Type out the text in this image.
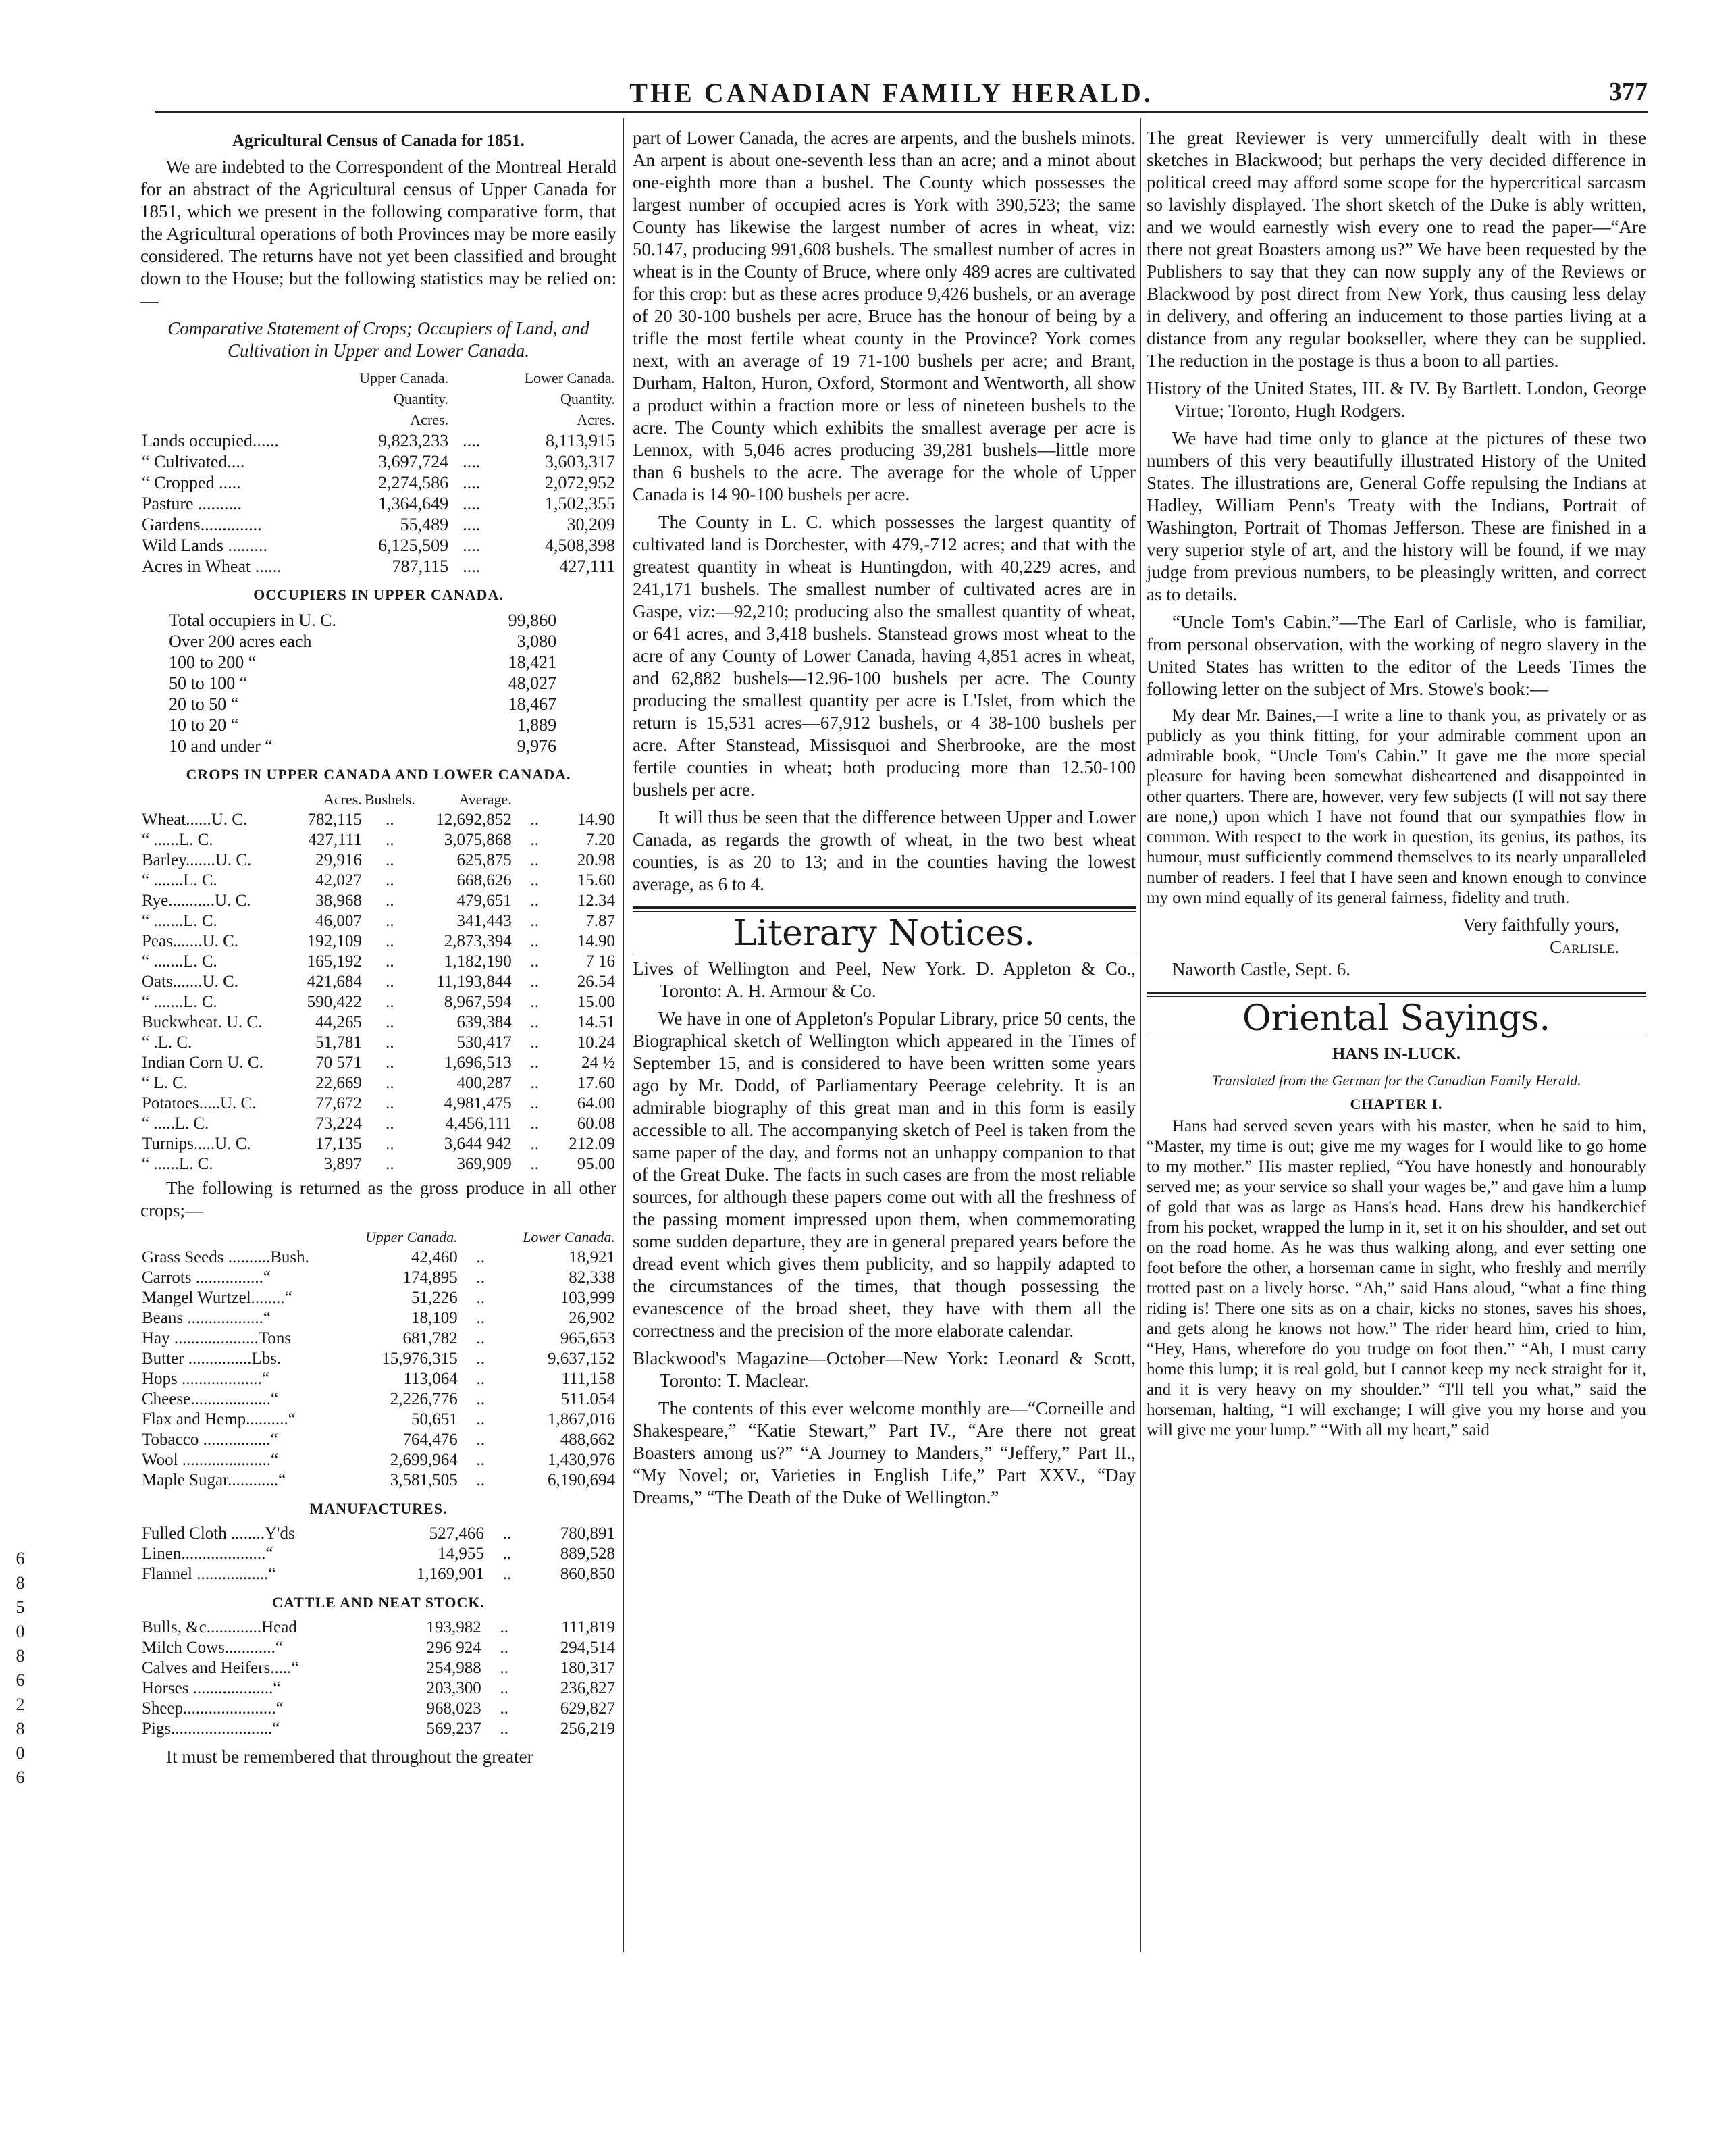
THE CANADIAN FAMILY HERALD.	377
6 8 5 0 8 6 2 8 0 6
Agricultural Census of Canada for 1851.

We are indebted to the Correspondent of the Montreal Herald for an abstract of the Agricultural census of Upper Canada for 1851, which we present in the following comparative form, that the Agricultural operations of both Provinces may be more easily considered. The returns have not yet been classified and brought down to the House; but the following statistics may be relied on:—

Comparative Statement of Crops; Occupiers of Land, and Cultivation in Upper and Lower Canada.

	Upper Canada.		Lower Canada.
	Quantity.		Quantity.
	Acres.		Acres.
Lands occupied......	9,823,233	....	8,113,915
“ Cultivated....	3,697,724	....	3,603,317
“ Cropped .....	2,274,586	....	2,072,952
Pasture ..........	1,364,649	....	1,502,355
Gardens..............	55,489	....	30,209
Wild Lands .........	6,125,509	....	4,508,398
Acres in Wheat ......	787,115	....	427,111
OCCUPIERS IN UPPER CANADA.
Total occupiers in U. C.	99,860
Over 200 acres each	3,080
100 to 200 “	18,421
50 to 100 “	48,027
20 to 50 “	18,467
10 to 20 “	1,889
10 and under “	9,976
CROPS IN UPPER CANADA AND LOWER CANADA.
	Acres.	Bushels.	Average.		
Wheat......U. C.	782,115	..	12,692,852	..	14.90
“ ......L. C.	427,111	..	3,075,868	..	7.20
Barley.......U. C.	29,916	..	625,875	..	20.98
“ .......L. C.	42,027	..	668,626	..	15.60
Rye...........U. C.	38,968	..	479,651	..	12.34
“ .......L. C.	46,007	..	341,443	..	7.87
Peas.......U. C.	192,109	..	2,873,394	..	14.90
“ .......L. C.	165,192	..	1,182,190	..	7 16
Oats.......U. C.	421,684	..	11,193,844	..	26.54
“ .......L. C.	590,422	..	8,967,594	..	15.00
Buckwheat. U. C.	44,265	..	639,384	..	14.51
“ .L. C.	51,781	..	530,417	..	10.24
Indian Corn U. C.	70 571	..	1,696,513	..	24 ½
“ L. C.	22,669	..	400,287	..	17.60
Potatoes.....U. C.	77,672	..	4,981,475	..	64.00
“ .....L. C.	73,224	..	4,456,111	..	60.08
Turnips.....U. C.	17,135	..	3,644 942	..	212.09
“ ......L. C.	3,897	..	369,909	..	95.00

The following is returned as the gross produce in all other crops;—

	Upper Canada.		Lower Canada.
Grass Seeds ..........Bush.	42,460	..	18,921
Carrots ................“	174,895	..	82,338
Mangel Wurtzel........“	51,226	..	103,999
Beans ..................“	18,109	..	26,902
Hay ....................Tons	681,782	..	965,653
Butter ...............Lbs.	15,976,315	..	9,637,152
Hops ...................“	113,064	..	111,158
Cheese...................“	2,226,776	..	511.054
Flax and Hemp..........“	50,651	..	1,867,016
Tobacco ................“	764,476	..	488,662
Wool .....................“	2,699,964	..	1,430,976
Maple Sugar............“	3,581,505	..	6,190,694
MANUFACTURES.
Fulled Cloth ........Y'ds	527,466	..	780,891
Linen....................“	14,955	..	889,528
Flannel .................“	1,169,901	..	860,850
CATTLE AND NEAT STOCK.
Bulls, &c.............Head	193,982	..	111,819
Milch Cows............“	296 924	..	294,514
Calves and Heifers.....“	254,988	..	180,317
Horses ...................“	203,300	..	236,827
Sheep......................“	968,023	..	629,827
Pigs........................“	569,237	..	256,219

It must be remembered that throughout the greater

part of Lower Canada, the acres are arpents, and the bushels minots. An arpent is about one-seventh less than an acre; and a minot about one-eighth more than a bushel. The County which possesses the largest number of occupied acres is York with 390,523; the same County has likewise the largest number of acres in wheat, viz: 50.147, producing 991,608 bushels. The smallest number of acres in wheat is in the County of Bruce, where only 489 acres are cultivated for this crop: but as these acres produce 9,426 bushels, or an average of 20 30-100 bushels per acre, Bruce has the honour of being by a trifle the most fertile wheat county in the Province? York comes next, with an average of 19 71-100 bushels per acre; and Brant, Durham, Halton, Huron, Oxford, Stormont and Wentworth, all show a product within a fraction more or less of nineteen bushels to the acre. The County which exhibits the smallest average per acre is Lennox, with 5,046 acres producing 39,281 bushels—little more than 6 bushels to the acre. The average for the whole of Upper Canada is 14 90-100 bushels per acre.

The County in L. C. which possesses the largest quantity of cultivated land is Dorchester, with 479,-712 acres; and that with the greatest quantity in wheat is Huntingdon, with 40,229 acres, and 241,171 bushels. The smallest number of cultivated acres are in Gaspe, viz:—92,210; producing also the smallest quantity of wheat, or 641 acres, and 3,418 bushels. Stanstead grows most wheat to the acre of any County of Lower Canada, having 4,851 acres in wheat, and 62,882 bushels—12.96-100 bushels per acre. The County producing the smallest quantity per acre is L'Islet, from which the return is 15,531 acres—67,912 bushels, or 4 38-100 bushels per acre. After Stanstead, Missisquoi and Sherbrooke, are the most fertile counties in wheat; both producing more than 12.50-100 bushels per acre.

It will thus be seen that the difference between Upper and Lower Canada, as regards the growth of wheat, in the two best wheat counties, is as 20 to 13; and in the counties having the lowest average, as 6 to 4.

Literary Notices.

Lives of Wellington and Peel, New York. D. Appleton & Co., Toronto: A. H. Armour & Co.

We have in one of Appleton's Popular Library, price 50 cents, the Biographical sketch of Wellington which appeared in the Times of September 15, and is considered to have been written some years ago by Mr. Dodd, of Parliamentary Peerage celebrity. It is an admirable biography of this great man and in this form is easily accessible to all. The accompanying sketch of Peel is taken from the same paper of the day, and forms not an unhappy companion to that of the Great Duke. The facts in such cases are from the most reliable sources, for although these papers come out with all the freshness of the passing moment impressed upon them, when commemorating some sudden departure, they are in general prepared years before the dread event which gives them publicity, and so happily adapted to the circumstances of the times, that though possessing the evanescence of the broad sheet, they have with them all the correctness and the precision of the more elaborate calendar.

Blackwood's Magazine—October—New York: Leonard & Scott, Toronto: T. Maclear.

The contents of this ever welcome monthly are—“Corneille and Shakespeare,” “Katie Stewart,” Part IV., “Are there not great Boasters among us?” “A Journey to Manders,” “Jeffery,” Part II., “My Novel; or, Varieties in English Life,” Part XXV., “Day Dreams,” “The Death of the Duke of Wellington.”

The great Reviewer is very unmercifully dealt with in these sketches in Blackwood; but perhaps the very decided difference in political creed may afford some scope for the hypercritical sarcasm so lavishly displayed. The short sketch of the Duke is ably written, and we would earnestly wish every one to read the paper—“Are there not great Boasters among us?” We have been requested by the Publishers to say that they can now supply any of the Reviews or Blackwood by post direct from New York, thus causing less delay in delivery, and offering an inducement to those parties living at a distance from any regular bookseller, where they can be supplied. The reduction in the postage is thus a boon to all parties.

History of the United States, III. & IV. By Bartlett. London, George Virtue; Toronto, Hugh Rodgers.

We have had time only to glance at the pictures of these two numbers of this very beautifully illustrated History of the United States. The illustrations are, General Goffe repulsing the Indians at Hadley, William Penn's Treaty with the Indians, Portrait of Washington, Portrait of Thomas Jefferson. These are finished in a very superior style of art, and the history will be found, if we may judge from previous numbers, to be pleasingly written, and correct as to details.

“Uncle Tom's Cabin.”—The Earl of Carlisle, who is familiar, from personal observation, with the working of negro slavery in the United States has written to the editor of the Leeds Times the following letter on the subject of Mrs. Stowe's book:—

My dear Mr. Baines,—I write a line to thank you, as privately or as publicly as you think fitting, for your admirable comment upon an admirable book, “Uncle Tom's Cabin.” It gave me the more special pleasure for having been somewhat disheartened and disappointed in other quarters. There are, however, very few subjects (I will not say there are none,) upon which I have not found that our sympathies flow in common. With respect to the work in question, its genius, its pathos, its humour, must sufficiently commend themselves to its nearly unparalleled number of readers. I feel that I have seen and known enough to convince my own mind equally of its general fairness, fidelity and truth.

Very faithfully yours,
Carlisle.

Naworth Castle, Sept. 6.

Oriental Sayings.
HANS IN-LUCK.
Translated from the German for the Canadian Family Herald.
CHAPTER I.

Hans had served seven years with his master, when he said to him, “Master, my time is out; give me my wages for I would like to go home to my mother.” His master replied, “You have honestly and honourably served me; as your service so shall your wages be,” and gave him a lump of gold that was as large as Hans's head. Hans drew his handkerchief from his pocket, wrapped the lump in it, set it on his shoulder, and set out on the road home. As he was thus walking along, and ever setting one foot before the other, a horseman came in sight, who freshly and merrily trotted past on a lively horse. “Ah,” said Hans aloud, “what a fine thing riding is! There one sits as on a chair, kicks no stones, saves his shoes, and gets along he knows not how.” The rider heard him, cried to him, “Hey, Hans, wherefore do you trudge on foot then.” “Ah, I must carry home this lump; it is real gold, but I cannot keep my neck straight for it, and it is very heavy on my shoulder.” “I'll tell you what,” said the horseman, halting, “I will exchange; I will give you my horse and you will give me your lump.” “With all my heart,” said
